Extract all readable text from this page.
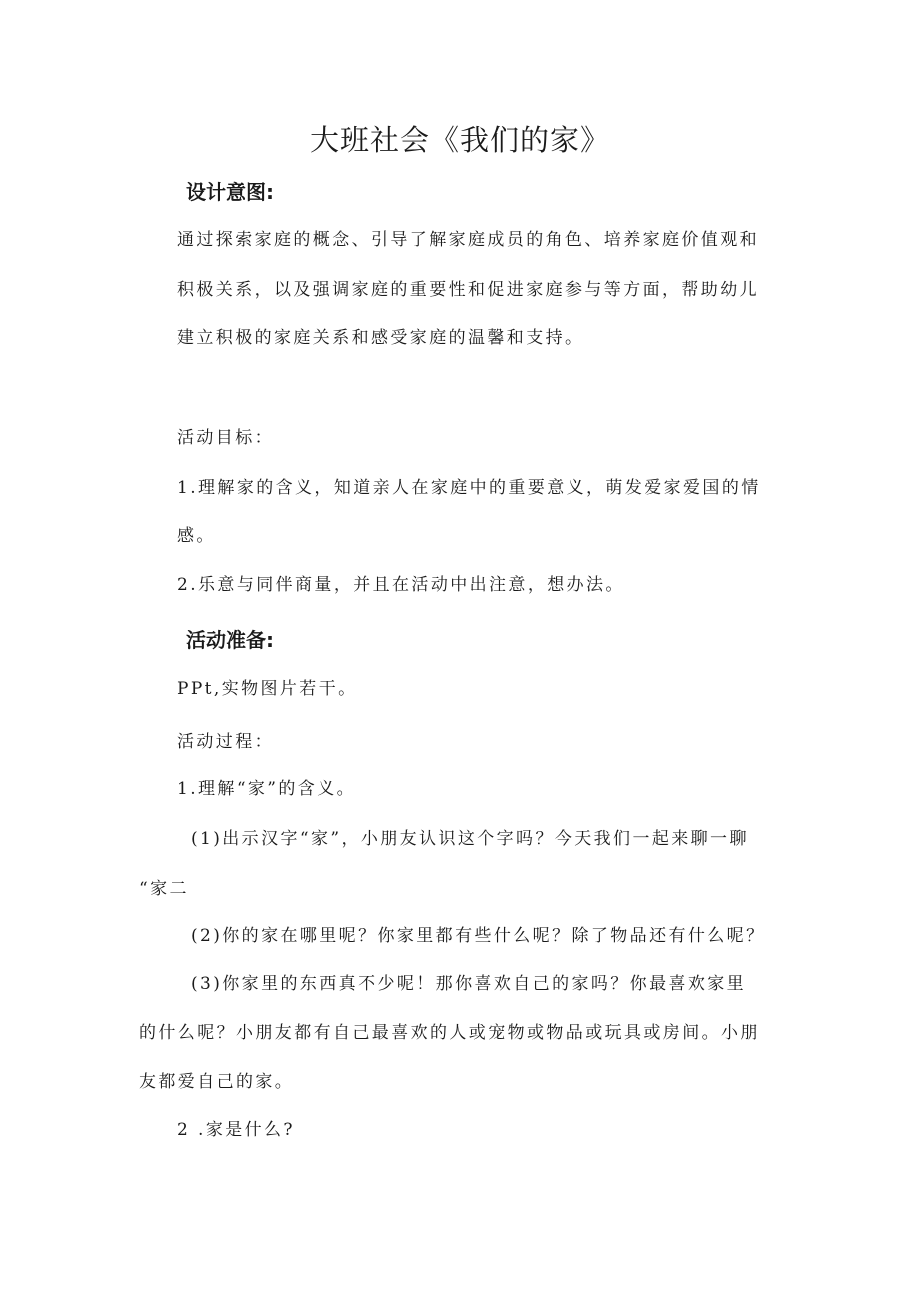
大班社会《我们的家》
设计意图:
通过探索家庭的概念、引导了解家庭成员的角色、培养家庭价值观和
积极关系，以及强调家庭的重要性和促进家庭参与等方面，帮助幼儿
建立积极的家庭关系和感受家庭的温馨和支持。
活动目标：
1.理解家的含义，知道亲人在家庭中的重要意义，萌发爱家爱国的情
感。
2.乐意与同伴商量，并且在活动中出注意，想办法。
活动准备:
PPt,实物图片若干。
活动过程：
1.理解“家”的含义。
(1)出示汉字“家”，小朋友认识这个字吗？今天我们一起来聊一聊
“家二
(2)你的家在哪里呢？你家里都有些什么呢？除了物品还有什么呢？
(3)你家里的东西真不少呢！那你喜欢自己的家吗？你最喜欢家里
的什么呢？小朋友都有自己最喜欢的人或宠物或物品或玩具或房间。小朋
友都爱自己的家。
2 .家是什么?
